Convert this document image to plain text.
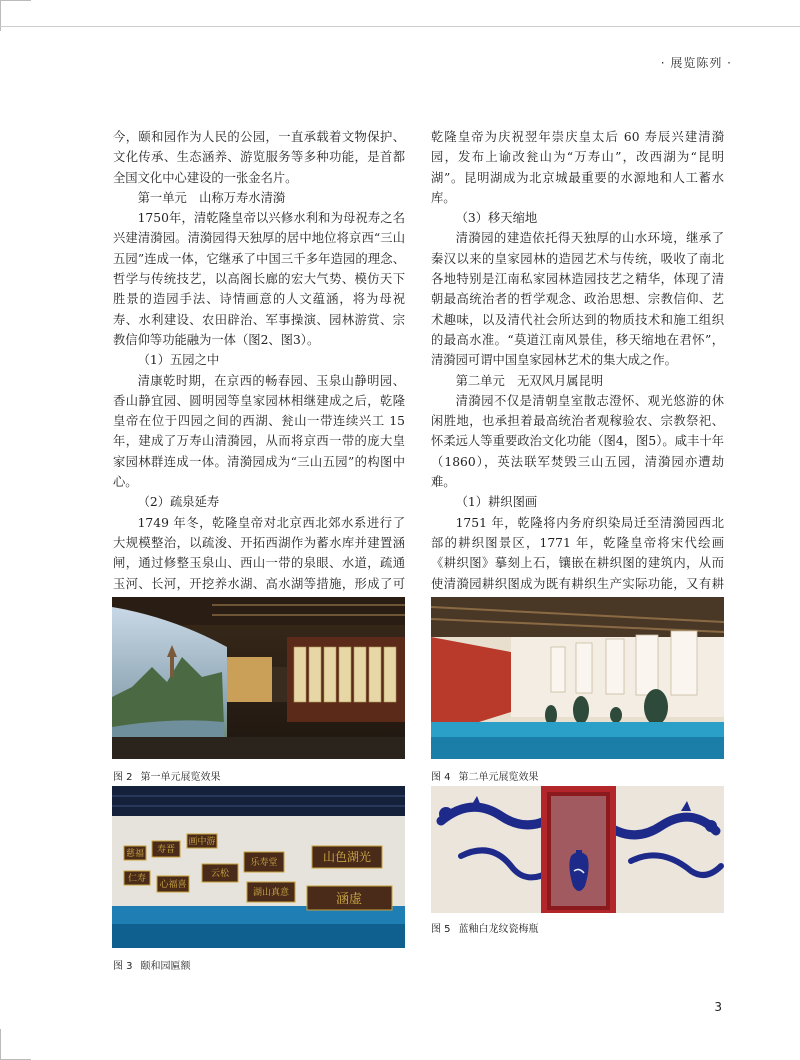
· 展览陈列 ·

今，颐和园作为人民的公园，一直承载着文物保护、文化传承、生态涵养、游览服务等多种功能，是首都全国文化中心建设的一张金名片。

第一单元　山称万寿水清漪

1750年，清乾隆皇帝以兴修水利和为母祝寿之名兴建清漪园。清漪园得天独厚的居中地位将京西“三山五园”连成一体，它继承了中国三千多年造园的理念、哲学与传统技艺，以高阁长廊的宏大气势、模仿天下胜景的造园手法、诗情画意的人文蕴涵，将为母祝寿、水利建设、农田辟治、军事操演、园林游赏、宗教信仰等功能融为一体（图2、图3）。

（1）五园之中

清康乾时期，在京西的畅春园、玉泉山静明园、香山静宜园、圆明园等皇家园林相继建成之后，乾隆皇帝在位于四园之间的西湖、瓮山一带连续兴工 15 年，建成了万寿山清漪园，从而将京西一带的庞大皇家园林群连成一体。清漪园成为“三山五园”的构图中心。

（2）疏泉延寿

1749 年冬，乾隆皇帝对北京西北郊水系进行了大规模整治，以疏浚、开拓西湖作为蓄水库并建置涵闸，通过修整玉泉山、西山一带的泉眼、水道，疏通玉河、长河，开挖养水湖、高水湖等措施，形成了可

乾隆皇帝为庆祝翌年崇庆皇太后 60 寿辰兴建清漪园，发布上谕改瓮山为“万寿山”，改西湖为“昆明湖”。昆明湖成为北京城最重要的水源地和人工蓄水库。

（3）移天缩地

清漪园的建造依托得天独厚的山水环境，继承了秦汉以来的皇家园林的造园艺术与传统，吸收了南北各地特别是江南私家园林造园技艺之精华，体现了清朝最高统治者的哲学观念、政治思想、宗教信仰、艺术趣味，以及清代社会所达到的物质技术和施工组织的最高水准。“莫道江南风景佳，移天缩地在君怀”，清漪园可谓中国皇家园林艺术的集大成之作。

第二单元　无双风月属昆明

清漪园不仅是清朝皇室散志澄怀、观光悠游的休闲胜地，也承担着最高统治者观稼验农、宗教祭祀、怀柔远人等重要政治文化功能（图4，图5）。咸丰十年（1860），英法联军焚毁三山五园，清漪园亦遭劫难。

（1）耕织图画

1751 年，乾隆将内务府织染局迁至清漪园西北部的耕织图景区，1771 年，乾隆皇帝将宋代绘画《耕织图》摹刻上石，镶嵌在耕织图的建筑内，从而使清漪园耕织图成为既有耕织生产实际功能，又有耕

图 2 第一单元展览效果
慈福 寿晋
画中游
仁寿
心福喜
云松
乐寿堂
湖山真意
山色湖光
涵虚
图 3 颐和园匾额
图 4 第二单元展览效果
图 5 蓝釉白龙纹瓷梅瓶
3
